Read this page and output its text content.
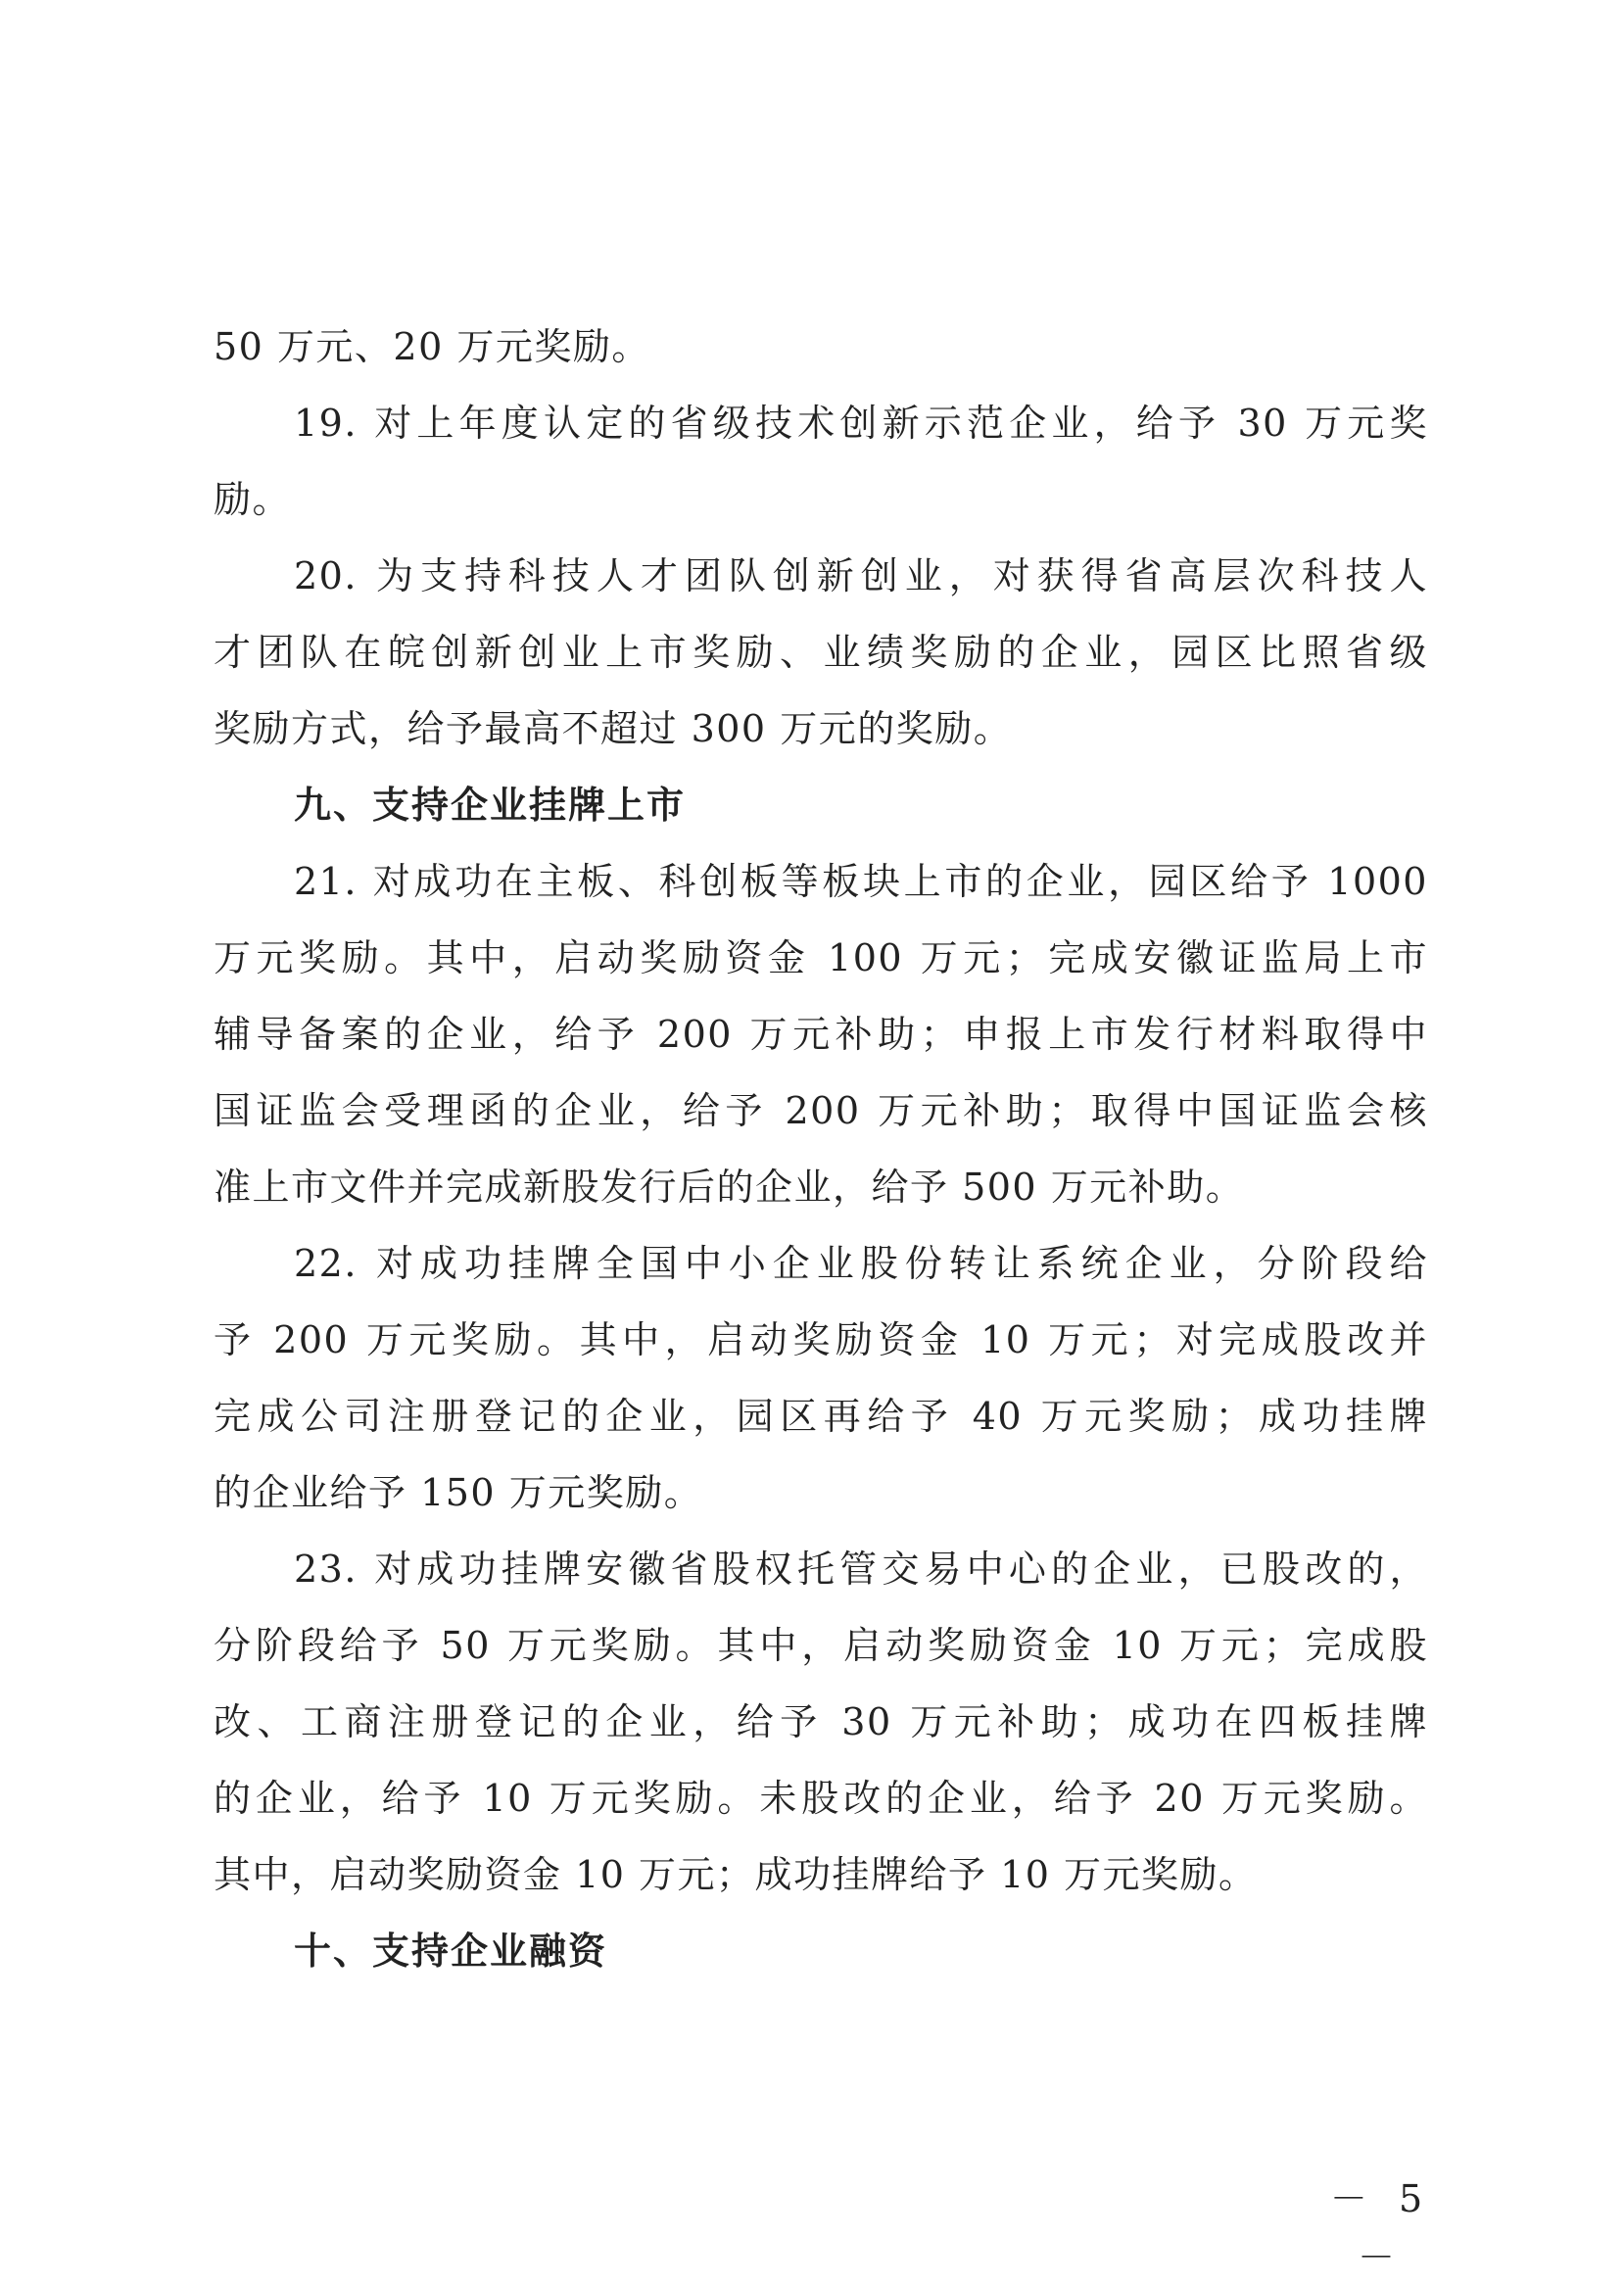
50 万元、20 万元奖励。
19. 对上年度认定的省级技术创新示范企业，给予 30 万元奖
励。
20. 为支持科技人才团队创新创业，对获得省高层次科技人
才团队在皖创新创业上市奖励、业绩奖励的企业，园区比照省级
奖励方式，给予最高不超过 300 万元的奖励。
九、支持企业挂牌上市
21. 对成功在主板、科创板等板块上市的企业，园区给予 1000
万元奖励。其中，启动奖励资金 100 万元；完成安徽证监局上市
辅导备案的企业，给予 200 万元补助；申报上市发行材料取得中
国证监会受理函的企业，给予 200 万元补助；取得中国证监会核
准上市文件并完成新股发行后的企业，给予 500 万元补助。
22. 对成功挂牌全国中小企业股份转让系统企业，分阶段给
予 200 万元奖励。其中，启动奖励资金 10 万元；对完成股改并
完成公司注册登记的企业，园区再给予 40 万元奖励；成功挂牌
的企业给予 150 万元奖励。
23. 对成功挂牌安徽省股权托管交易中心的企业，已股改的，
分阶段给予 50 万元奖励。其中，启动奖励资金 10 万元；完成股
改、工商注册登记的企业，给予 30 万元补助；成功在四板挂牌
的企业，给予 10 万元奖励。未股改的企业，给予 20 万元奖励。
其中，启动奖励资金 10 万元；成功挂牌给予 10 万元奖励。
十、支持企业融资
－ 5 －
